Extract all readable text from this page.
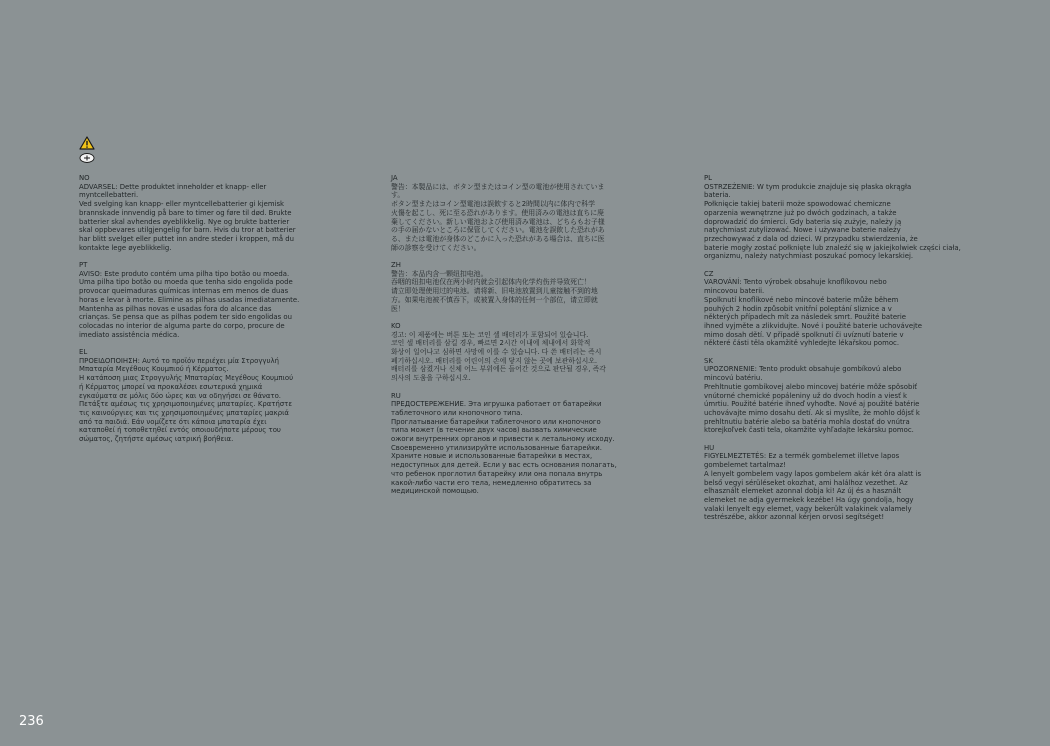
NO
ADVARSEL: Dette produktet inneholder et knapp- eller
myntcellebatteri.
Ved svelging kan knapp- eller myntcellebatterier gi kjemisk
brannskade innvendig på bare to timer og føre til død. Brukte
batterier skal avhendes øyeblikkelig. Nye og brukte batterier
skal oppbevares utilgjengelig for barn. Hvis du tror at batterier
har blitt svelget eller puttet inn andre steder i kroppen, må du
kontakte lege øyeblikkelig.
PT
AVISO: Este produto contém uma pilha tipo botão ou moeda.
Uma pilha tipo botão ou moeda que tenha sido engolida pode
provocar queimaduras químicas internas em menos de duas
horas e levar à morte. Elimine as pilhas usadas imediatamente.
Mantenha as pilhas novas e usadas fora do alcance das
crianças. Se pensa que as pilhas podem ter sido engolidas ou
colocadas no interior de alguma parte do corpo, procure de
imediato assistência médica.
EL
ΠΡΟΕΙΔΟΠΟΙΗΣΗ: Αυτό το προϊόν περιέχει μία Στρογγυλή
Μπαταρία Μεγέθους Κουμπιού ή Κέρματος.
Η κατάποση μιας Στρογγυλής Μπαταρίας Μεγέθους Κουμπιού
ή Κέρματος μπορεί να προκαλέσει εσωτερικά χημικά
εγκαύματα σε μόλις δύο ώρες και να οδηγήσει σε θάνατο.
Πετάξτε αμέσως τις χρησιμοποιημένες μπαταρίες. Κρατήστε
τις καινούργιες και τις χρησιμοποιημένες μπαταρίες μακριά
από τα παιδιά. Εάν νομίζετε ότι κάποια μπαταρία έχει
καταποθεί ή τοποθετηθεί εντός οποιουδήποτε μέρους του
σώματος, ζητήστε αμέσως ιατρική βοήθεια.
JA
警告：本製品には、ボタン型またはコイン型の電池が使用されていま
す。
ボタン型またはコイン型電池は誤飲すると2時間以内に体内で科学
火傷を起こし、死に至る恐れがあります。使用済みの電池は直ちに廃
棄してください。新しい電池および使用済み電池は、どちらもお子様
の手の届かないところに保管してください。電池を誤飲した恐れがあ
る、または電池が身体のどこかに入った恐れがある場合は、直ちに医
師の診察を受けてください。
ZH
警告：本品内含一颗纽扣电池。
吞咽的纽扣电池仅在两小时内就会引起体内化学灼伤并导致死亡！
请立即处理使用过的电池。请将新、旧电池放置到儿童接触不到的地
方。如果电池被不慎吞下，或被置入身体的任何一个部位，请立即就
医！
KO
경고: 이 제품에는 버튼 또는 코인 셀 배터리가 포함되어 있습니다.
코인 셀 배터리를 삼킬 경우, 빠르면 2시간 이내에 체내에서 화학적
화상이 일어나고 심하면 사망에 이를 수 있습니다. 다 쓴 배터리는 즉시
폐기하십시오. 배터리를 어린이의 손에 닿지 않는 곳에 보관하십시오.
배터리를 삼켰거나 신체 어느 부위에든 들어간 것으로 판단될 경우, 즉각
의사의 도움을 구하십시오.
RU
ПРЕДОСТЕРЕЖЕНИЕ. Эта игрушка работает от батарейки
таблеточного или кнопочного типа.
Проглатывание батарейки таблеточного или кнопочного
типа может (в течение двух часов) вызвать химические
ожоги внутренних органов и привести к летальному исходу.
Своевременно утилизируйте использованные батарейки.
Храните новые и использованные батарейки в местах,
недоступных для детей. Если у вас есть основания полагать,
что ребенок проглотил батарейку или она попала внутрь
какой-либо части его тела, немедленно обратитесь за
медицинской помощью.
PL
OSTRZEŻENIE: W tym produkcie znajduje się płaska okrągła
bateria.
Połknięcie takiej baterii może spowodować chemiczne
oparzenia wewnętrzne już po dwóch godzinach, a także
doprowadzić do śmierci. Gdy bateria się zużyje, należy ją
natychmiast zutylizować. Nowe i używane baterie należy
przechowywać z dala od dzieci. W przypadku stwierdzenia, że
baterie mogły zostać połknięte lub znaleźć się w jakiejkolwiek części ciała,
organizmu, należy natychmiast poszukać pomocy lekarskiej.
CZ
VAROVÁNÍ: Tento výrobek obsahuje knoflíkovou nebo
mincovou baterii.
Spolknutí knoflíkové nebo mincové baterie může během
pouhých 2 hodin způsobit vnitřní poleptání sliznice a v
některých případech mít za následek smrt. Použité baterie
ihned vyjměte a zlikvidujte. Nové i použité baterie uchovávejte
mimo dosah dětí. V případě spolknutí či uvíznutí baterie v
některé části těla okamžitě vyhledejte lékařskou pomoc.
SK
UPOZORNENIE: Tento produkt obsahuje gombíkovú alebo
mincovú batériu.
Prehltnutie gombíkovej alebo mincovej batérie môže spôsobiť
vnútorné chemické popáleniny už do dvoch hodín a viesť k
úmrtiu. Použité batérie ihneď vyhoďte. Nové aj použité batérie
uchovávajte mimo dosahu detí. Ak si myslíte, že mohlo dôjsť k
prehltnutiu batérie alebo sa batéria mohla dostať do vnútra
ktorejkoľvek časti tela, okamžite vyhľadajte lekársku pomoc.
HU
FIGYELMEZTETÉS: Ez a termék gombelemet illetve lapos
gombelemet tartalmaz!
A lenyelt gombelem vagy lapos gombelem akár két óra alatt is
belső vegyi sérüléseket okozhat, ami halálhoz vezethet. Az
elhasznált elemeket azonnal dobja ki! Az új és a használt
elemeket ne adja gyermekek kezébe! Ha úgy gondolja, hogy
valaki lenyelt egy elemet, vagy bekerült valakinek valamely
testrészébe, akkor azonnal kérjen orvosi segítséget!
236
